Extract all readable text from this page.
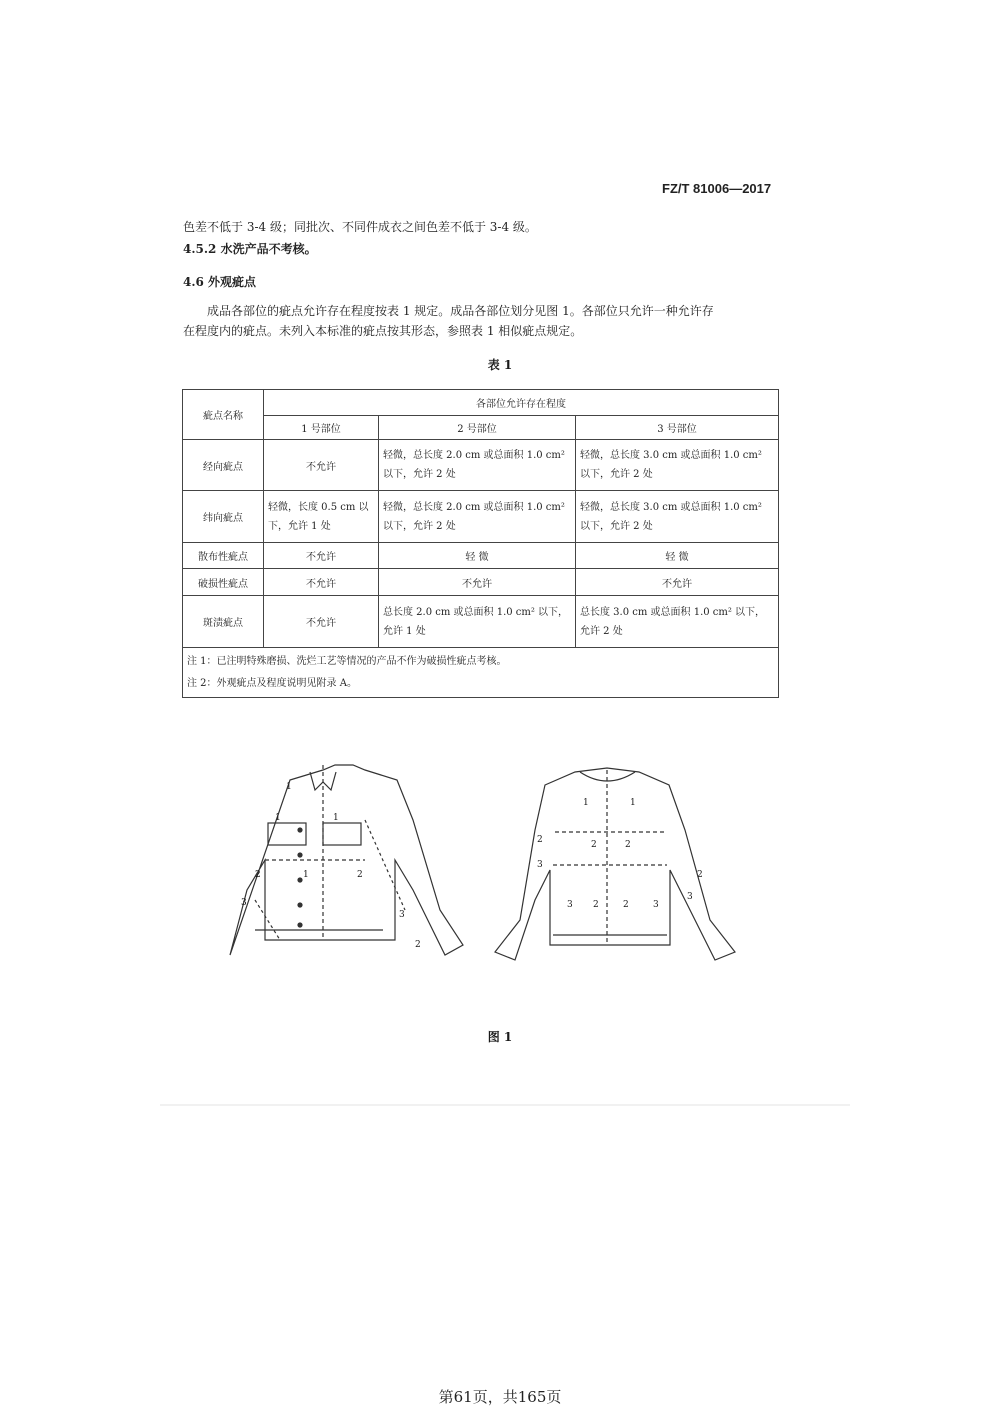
FZ/T 81006—2017
色差不低于 3-4 级；同批次、不同件成衣之间色差不低于 3-4 级。
4.5.2 水洗产品不考核。
4.6 外观疵点
成品各部位的疵点允许存在程度按表 1 规定。成品各部位划分见图 1。各部位只允许一种允许存
在程度内的疵点。未列入本标准的疵点按其形态，参照表 1 相似疵点规定。
表 1
疵点名称	各部位允许存在程度		
	1 号部位	2 号部位	3 号部位
经向疵点	不允许	轻微，总长度 2.0 cm 或总面积 1.0 cm² 以下，允许 2 处	轻微，总长度 3.0 cm 或总面积 1.0 cm² 以下，允许 2 处
纬向疵点	轻微，长度 0.5 cm 以下，允许 1 处	轻微，总长度 2.0 cm 或总面积 1.0 cm² 以下，允许 2 处	轻微，总长度 3.0 cm 或总面积 1.0 cm² 以下，允许 2 处
散布性疵点	不允许	轻 微	轻 微
破损性疵点	不允许	不允许	不允许
斑渍疵点	不允许	总长度 2.0 cm 或总面积 1.0 cm² 以下，允许 1 处	总长度 3.0 cm 或总面积 1.0 cm² 以下，允许 2 处

注 1：已注明特殊磨损、洗烂工艺等情况的产品不作为破损性疵点考核。
注 2：外观疵点及程度说明见附录 A。			
1
1	1
2	1	2
3
3
2
1	1
2	2
2
3
3 2	2	3
2
3
图 1
第61页，共165页
